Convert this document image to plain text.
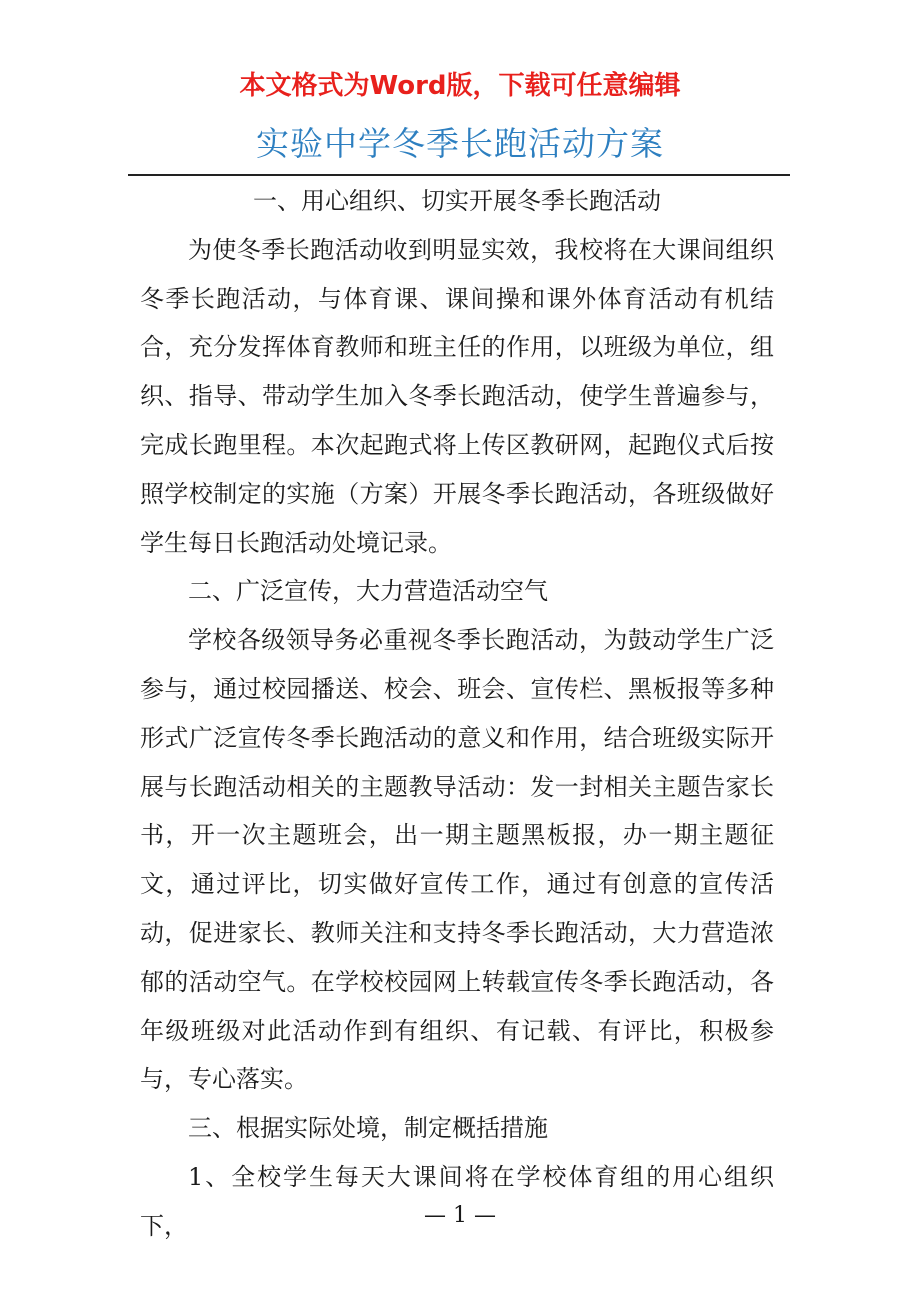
本文格式为Word版，下载可任意编辑
实验中学冬季长跑活动方案

一、用心组织、切实开展冬季长跑活动

为使冬季长跑活动收到明显实效，我校将在大课间组织冬季长跑活动，与体育课、课间操和课外体育活动有机结合，充分发挥体育教师和班主任的作用，以班级为单位，组织、指导、带动学生加入冬季长跑活动，使学生普遍参与，完成长跑里程。本次起跑式将上传区教研网，起跑仪式后按照学校制定的实施（方案）开展冬季长跑活动，各班级做好学生每日长跑活动处境记录。

二、广泛宣传，大力营造活动空气

学校各级领导务必重视冬季长跑活动，为鼓动学生广泛参与，通过校园播送、校会、班会、宣传栏、黑板报等多种形式广泛宣传冬季长跑活动的意义和作用，结合班级实际开展与长跑活动相关的主题教导活动：发一封相关主题告家长书，开一次主题班会，出一期主题黑板报，办一期主题征文，通过评比，切实做好宣传工作，通过有创意的宣传活动，促进家长、教师关注和支持冬季长跑活动，大力营造浓郁的活动空气。在学校校园网上转载宣传冬季长跑活动，各年级班级对此活动作到有组织、有记载、有评比，积极参与，专心落实。

三、根据实际处境，制定概括措施

1、全校学生每天大课间将在学校体育组的用心组织下，	— 1 —
